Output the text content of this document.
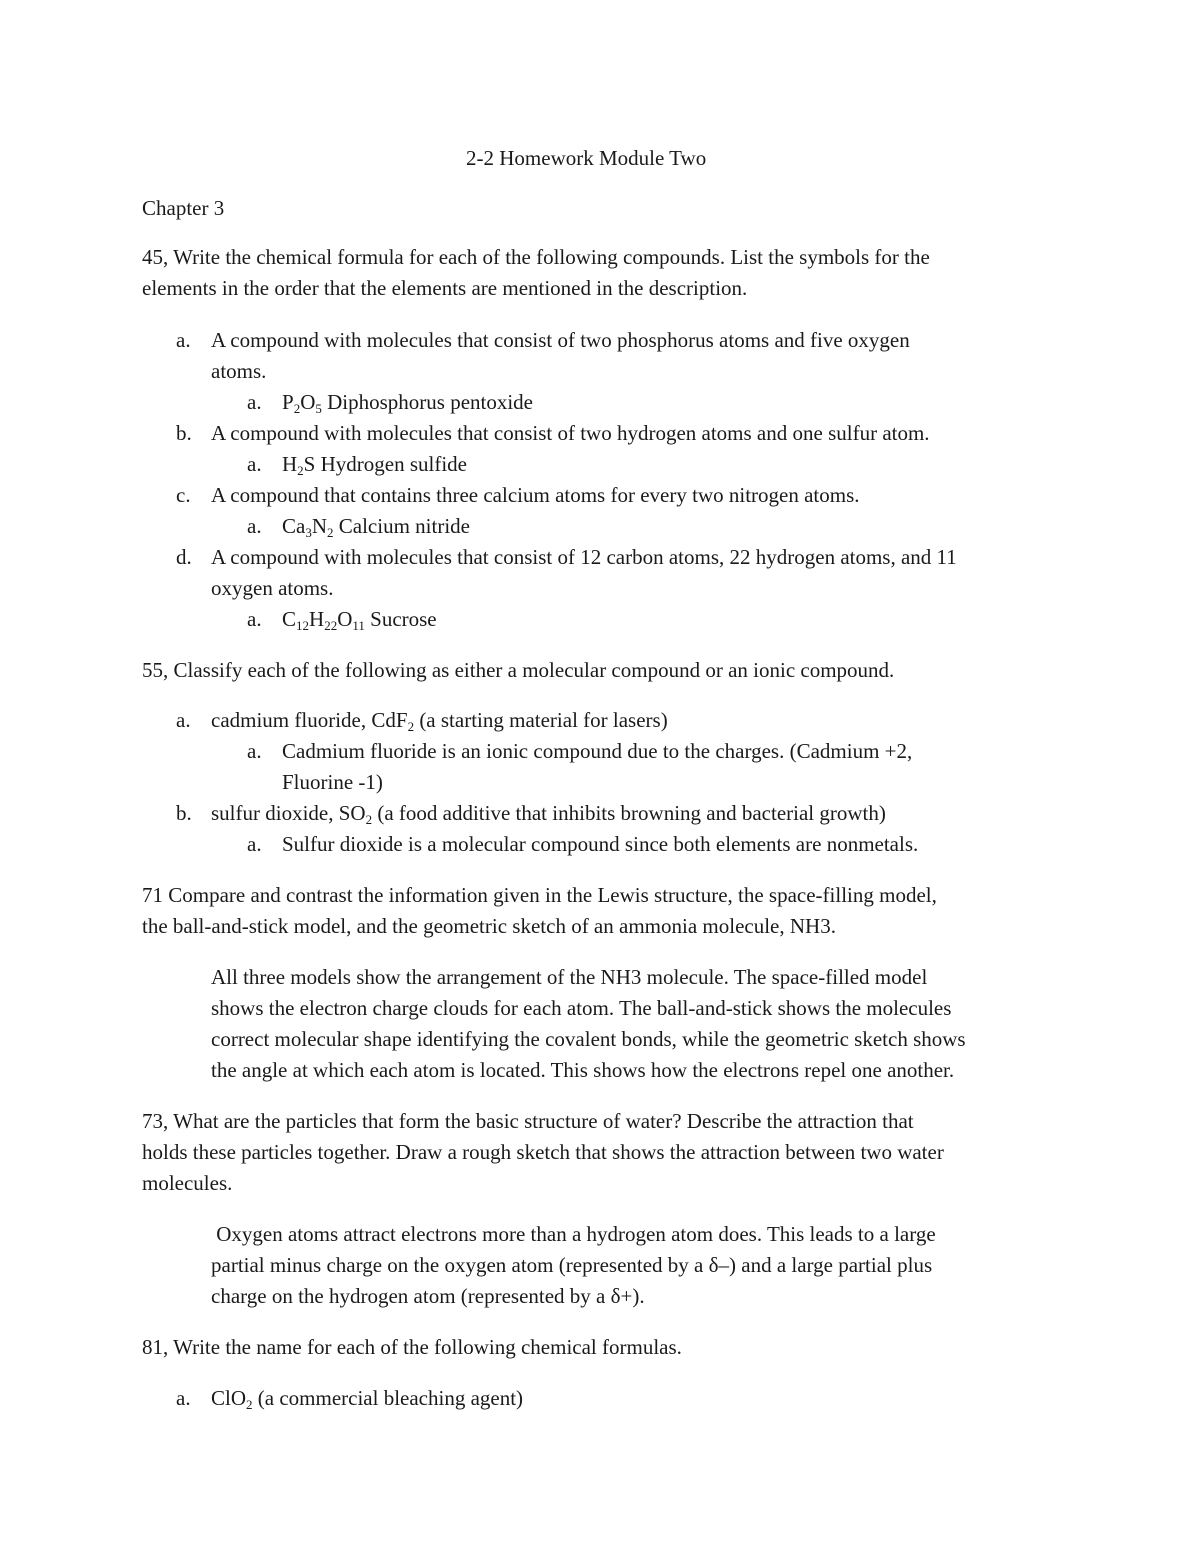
2-2 Homework Module Two
Chapter 3
45, Write the chemical formula for each of the following compounds. List the symbols for the
elements in the order that the elements are mentioned in the description.
a. A compound with molecules that consist of two phosphorus atoms and five oxygen
atoms.
a. $P_2O_5$ Diphosphorus pentoxide
b. A compound with molecules that consist of two hydrogen atoms and one sulfur atom.
a. $H_2S$ Hydrogen sulfide
c. A compound that contains three calcium atoms for every two nitrogen atoms.
a. $Ca_3N_2$ Calcium nitride
d. A compound with molecules that consist of 12 carbon atoms, 22 hydrogen atoms, and 11
oxygen atoms.
a. $C_{12}H_{22}O_{11}$ Sucrose
55, Classify each of the following as either a molecular compound or an ionic compound.
a. cadmium fluoride, CdF$_2$ (a starting material for lasers)
a. Cadmium fluoride is an ionic compound due to the charges. (Cadmium +2,
Fluorine -1)
b. sulfur dioxide, $SO_2$ (a food additive that inhibits browning and bacterial growth)
a. Sulfur dioxide is a molecular compound since both elements are nonmetals.
71 Compare and contrast the information given in the Lewis structure, the space-filling model,
the ball-and-stick model, and the geometric sketch of an ammonia molecule, NH3.
All three models show the arrangement of the NH3 molecule. The space-filled model
shows the electron charge clouds for each atom. The ball-and-stick shows the molecules
correct molecular shape identifying the covalent bonds, while the geometric sketch shows
the angle at which each atom is located. This shows how the electrons repel one another.
73, What are the particles that form the basic structure of water? Describe the attraction that
holds these particles together. Draw a rough sketch that shows the attraction between two water
molecules.
Oxygen atoms attract electrons more than a hydrogen atom does. This leads to a large
partial minus charge on the oxygen atom (represented by a δ–) and a large partial plus
charge on the hydrogen atom (represented by a δ+).
81, Write the name for each of the following chemical formulas.
a. ClO$_2$ (a commercial bleaching agent)
